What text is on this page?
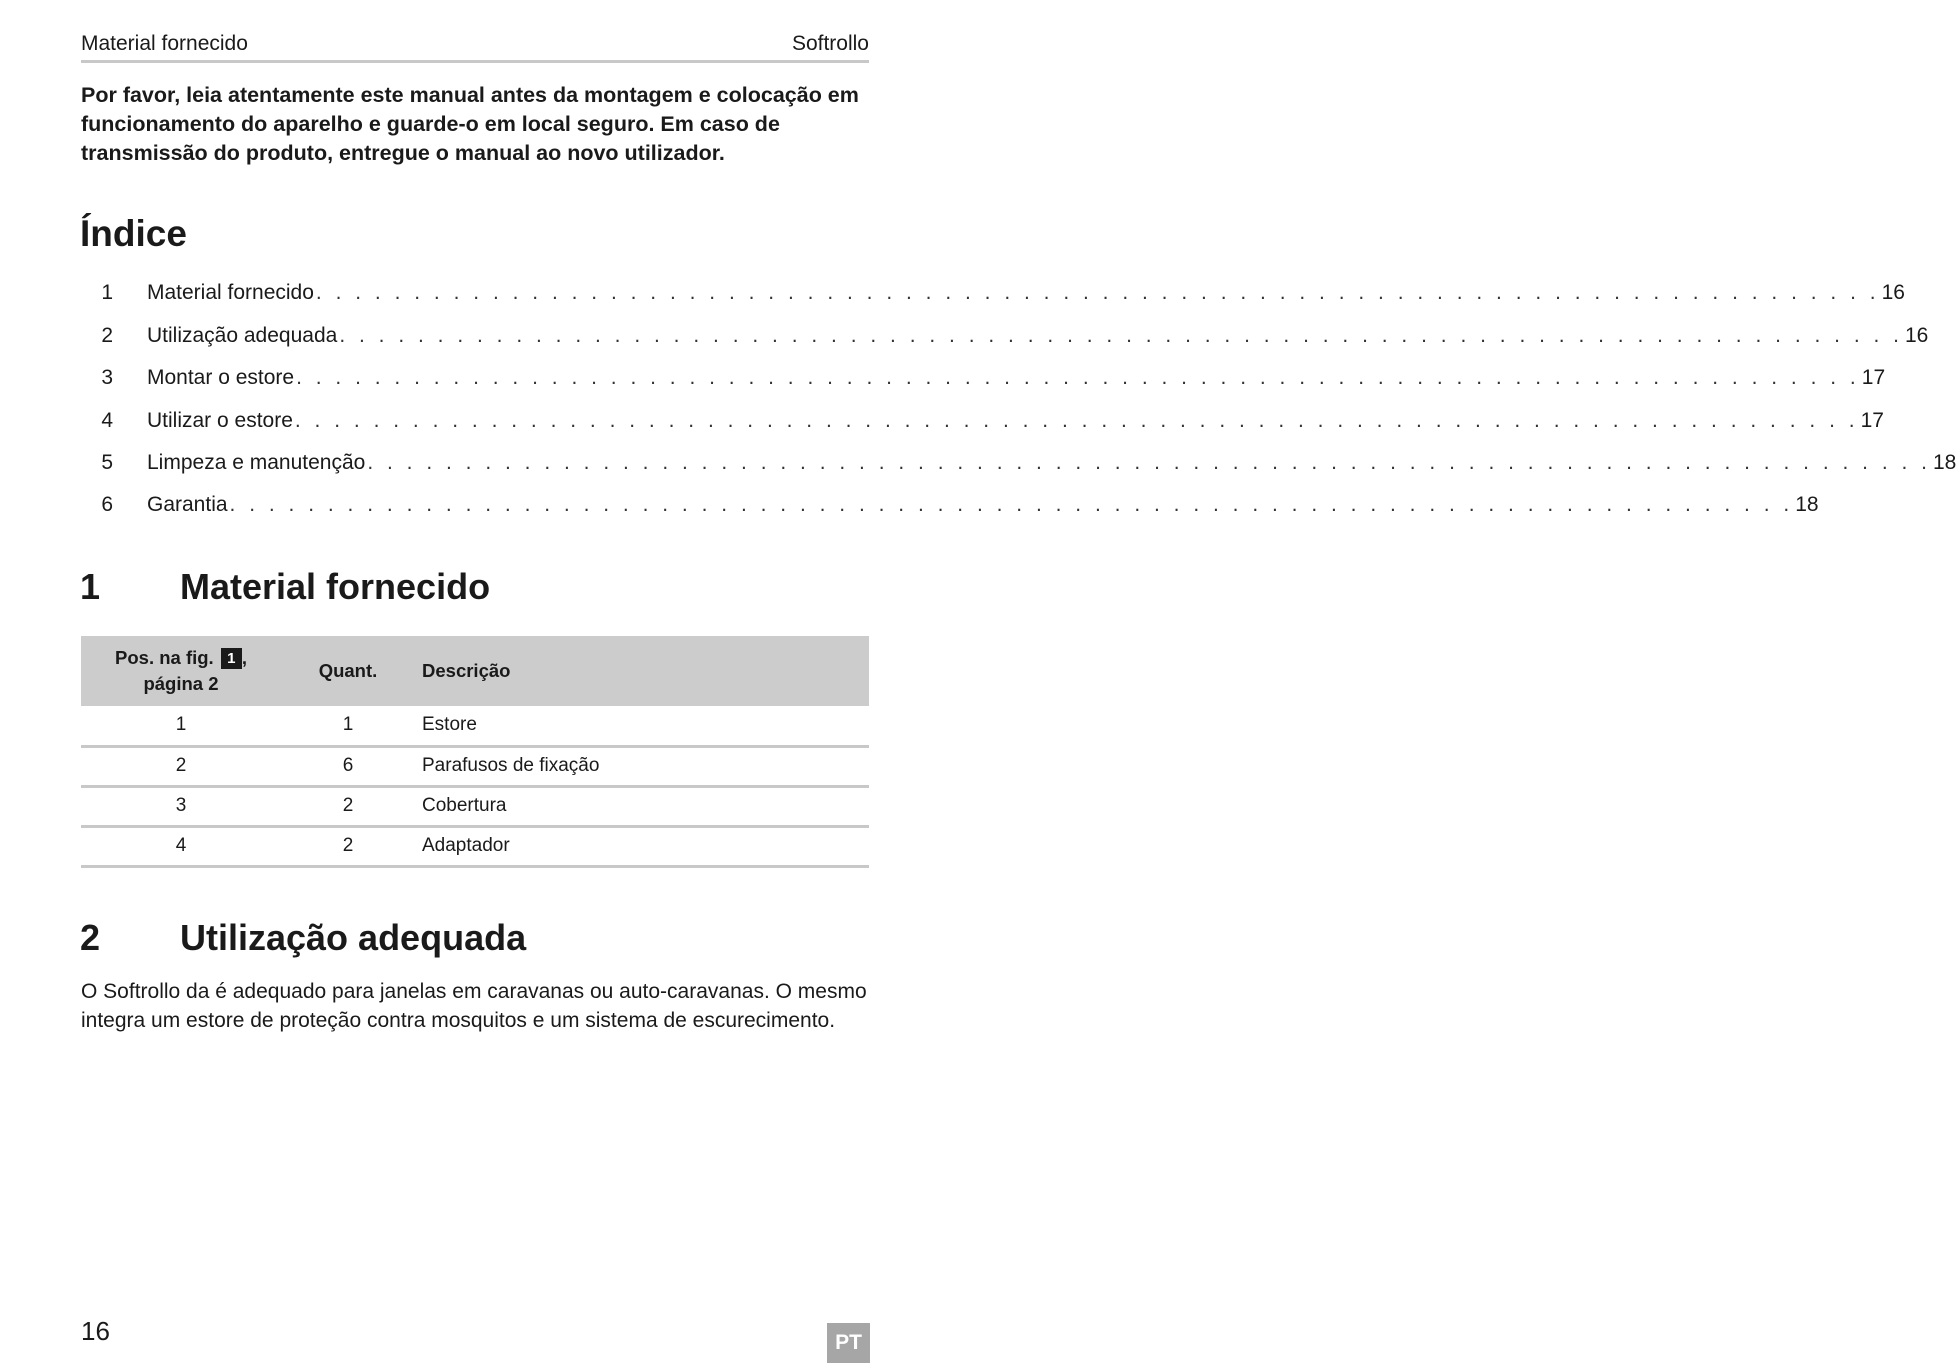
Material fornecido	Softrollo

Por favor, leia atentamente este manual antes da montagem e colocação em funcionamento do aparelho e guarde-o em local seguro. Em caso de transmissão do produto, entregue o manual ao novo utilizador.

Índice
1 Material fornecido . . . . . . . . . . . . . . . . . . . . . . . . . . . . . . . . . . . . . . . . . . . . . . . . . . . . . . . . . . . . . . . . . . . . . . . . . . . . . . . . 16
2 Utilização adequada . . . . . . . . . . . . . . . . . . . . . . . . . . . . . . . . . . . . . . . . . . . . . . . . . . . . . . . . . . . . . . . . . . . . . . . . . . . . . . . . 16
3 Montar o estore . . . . . . . . . . . . . . . . . . . . . . . . . . . . . . . . . . . . . . . . . . . . . . . . . . . . . . . . . . . . . . . . . . . . . . . . . . . . . . . . 17
4 Utilizar o estore . . . . . . . . . . . . . . . . . . . . . . . . . . . . . . . . . . . . . . . . . . . . . . . . . . . . . . . . . . . . . . . . . . . . . . . . . . . . . . . . 17
5 Limpeza e manutenção . . . . . . . . . . . . . . . . . . . . . . . . . . . . . . . . . . . . . . . . . . . . . . . . . . . . . . . . . . . . . . . . . . . . . . . . . . . . . . . . 18
6 Garantia . . . . . . . . . . . . . . . . . . . . . . . . . . . . . . . . . . . . . . . . . . . . . . . . . . . . . . . . . . . . . . . . . . . . . . . . . . . . . . . . 18
1	Material fornecido
Pos. na fig. 1 ,
página 2	Quant.	Descrição
1	1	Estore
2	6	Parafusos de fixação
3	2	Cobertura
4	2	Adaptador
2	Utilização adequada

O Softrollo da é adequado para janelas em caravanas ou auto-caravanas. O mesmo integra um estore de proteção contra mosquitos e um sistema de escurecimento.

16	PT
